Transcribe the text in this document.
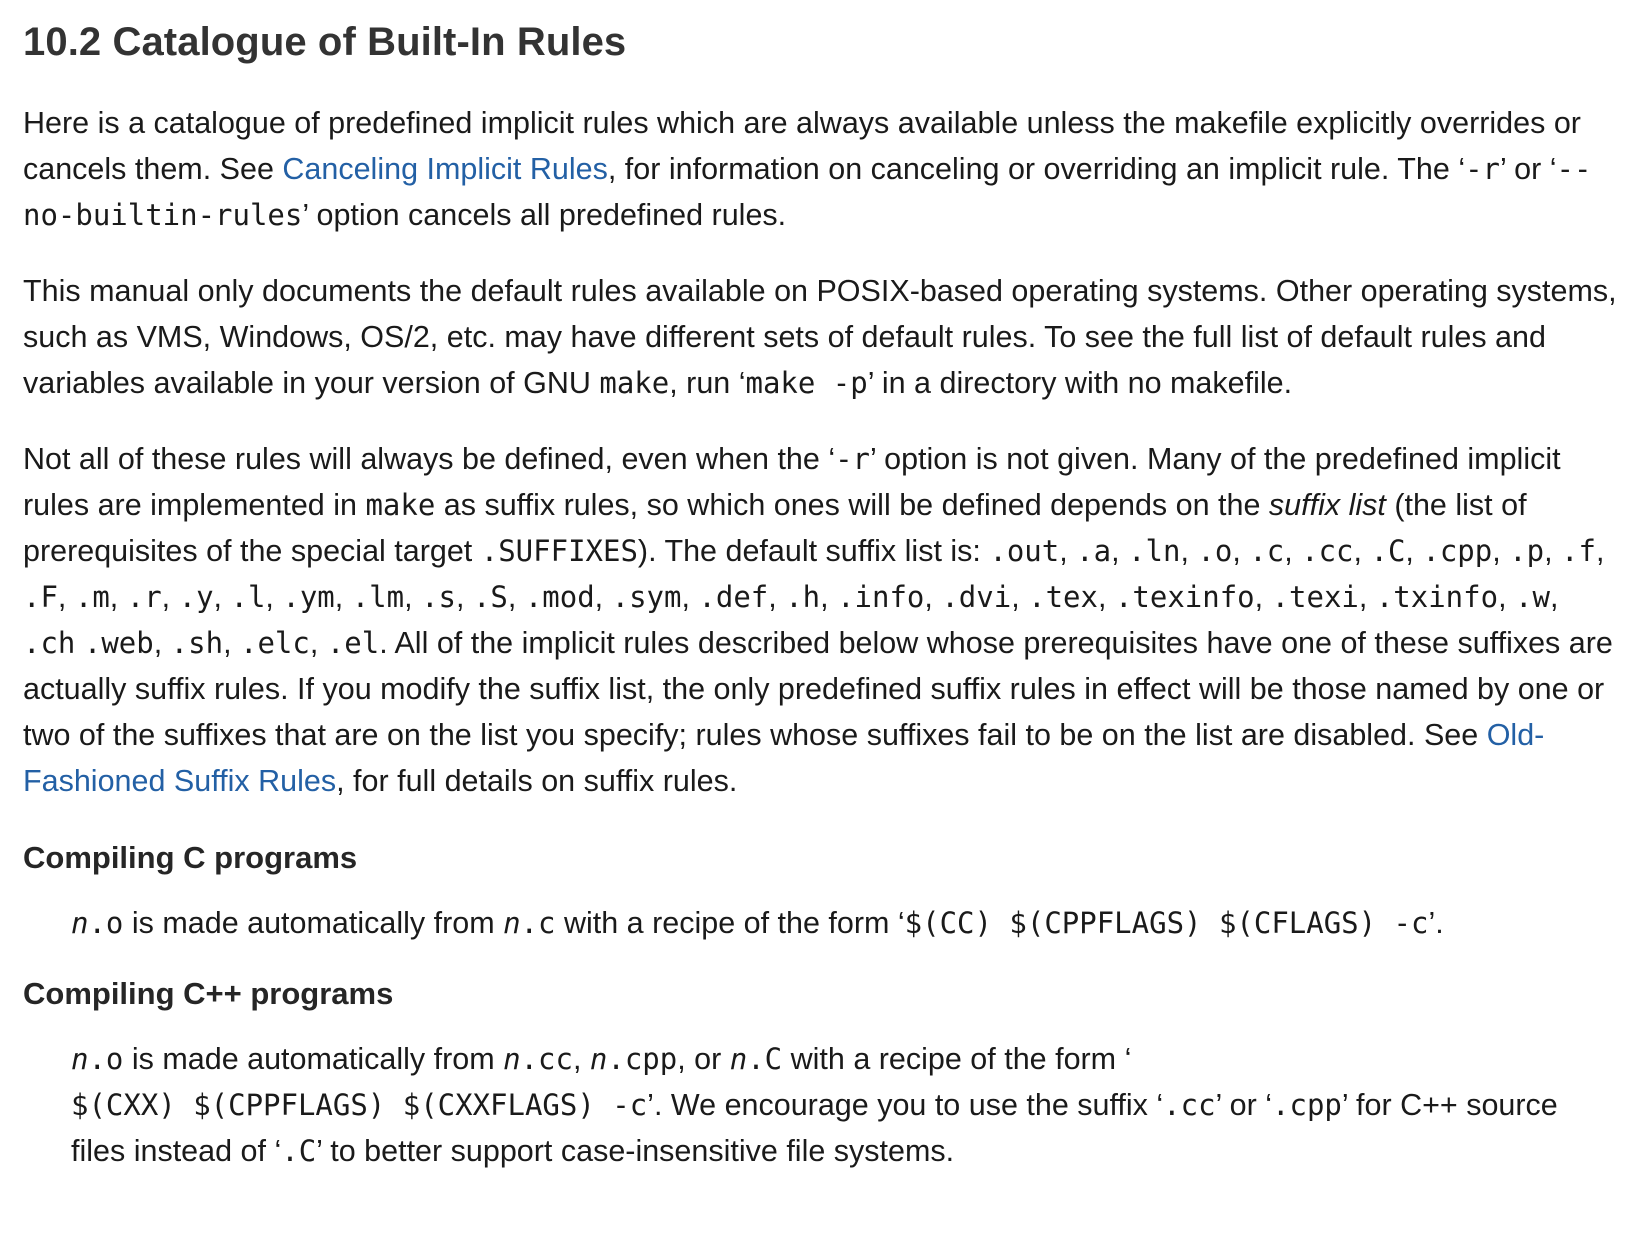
10.2 Catalogue of Built-In Rules

Here is a catalogue of predefined implicit rules which are always available unless the makefile explicitly overrides or cancels them. See Canceling Implicit Rules, for information on canceling or overriding an implicit rule. The ‘-r’ or ‘--no-builtin-rules’ option cancels all predefined rules.

This manual only documents the default rules available on POSIX-based operating systems. Other operating systems, such as VMS, Windows, OS/2, etc. may have different sets of default rules. To see the full list of default rules and variables available in your version of GNU make, run ‘make -p’ in a directory with no makefile.

Not all of these rules will always be defined, even when the ‘-r’ option is not given. Many of the predefined implicit rules are implemented in make as suffix rules, so which ones will be defined depends on the suffix list (the list of prerequisites of the special target .SUFFIXES). The default suffix list is: .out, .a, .ln, .o, .c, .cc, .C, .cpp, .p, .f, .F, .m, .r, .y, .l, .ym, .lm, .s, .S, .mod, .sym, .def, .h, .info, .dvi, .tex, .texinfo, .texi, .txinfo, .w, .ch .web, .sh, .elc, .el. All of the implicit rules described below whose prerequisites have one of these suffixes are actually suffix rules. If you modify the suffix list, the only predefined suffix rules in effect will be those named by one or two of the suffixes that are on the list you specify; rules whose suffixes fail to be on the list are disabled. See Old-Fashioned Suffix Rules, for full details on suffix rules.

Compiling C programs
n.o is made automatically from n.c with a recipe of the form ‘$(CC) $(CPPFLAGS) $(CFLAGS) -c’.
Compiling C++ programs
n.o is made automatically from n.cc, n.cpp, or n.C with a recipe of the form ‘
$(CXX) $(CPPFLAGS) $(CXXFLAGS) -c’. We encourage you to use the suffix ‘.cc’ or ‘.cpp’ for C++ source files instead of ‘.C’ to better support case-insensitive file systems.
